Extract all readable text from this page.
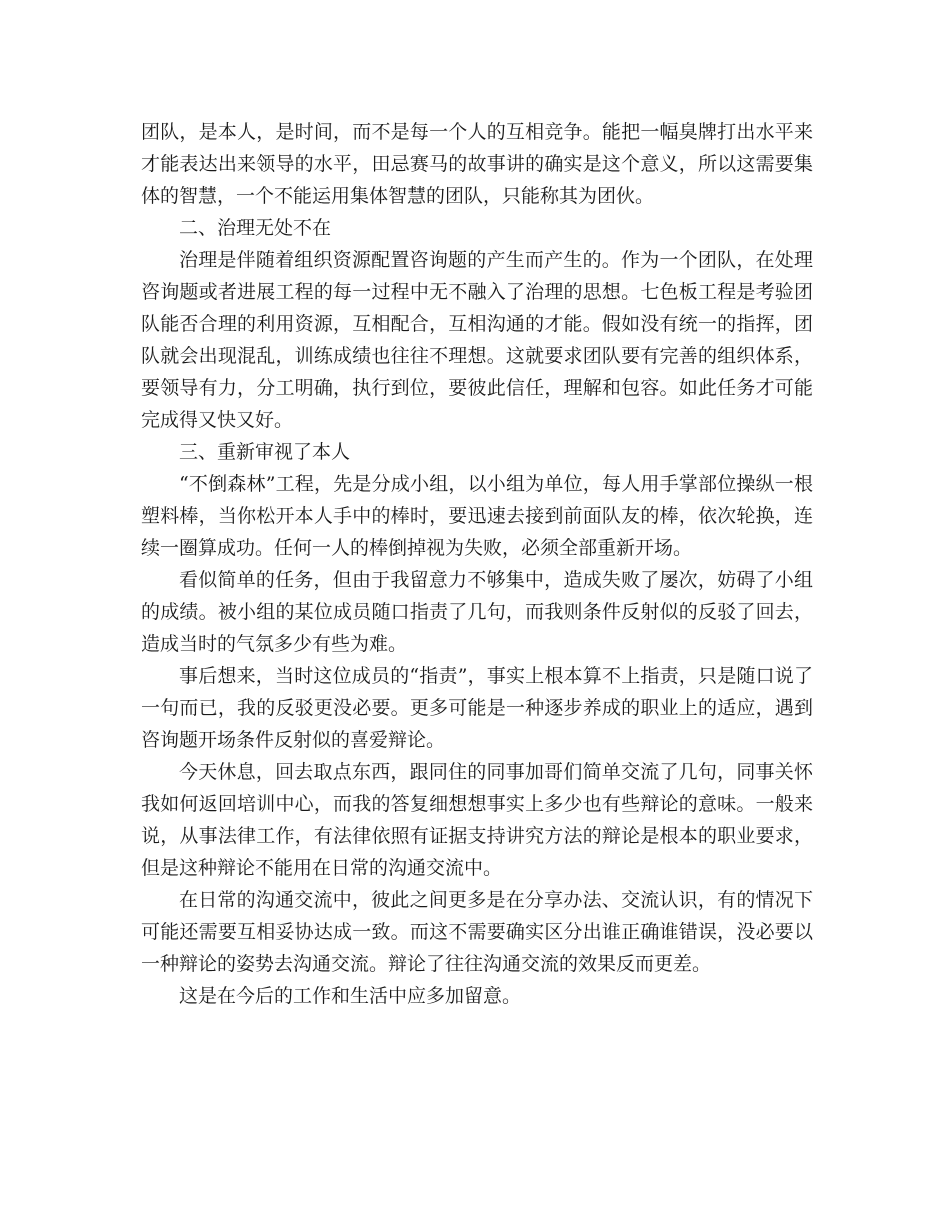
团队，是本人，是时间，而不是每一个人的互相竞争。能把一幅臭牌打出水平来才能表达出来领导的水平，田忌赛马的故事讲的确实是这个意义，所以这需要集体的智慧，一个不能运用集体智慧的团队，只能称其为团伙。

二、治理无处不在

治理是伴随着组织资源配置咨询题的产生而产生的。作为一个团队，在处理咨询题或者进展工程的每一过程中无不融入了治理的思想。七色板工程是考验团队能否合理的利用资源，互相配合，互相沟通的才能。假如没有统一的指挥，团队就会出现混乱，训练成绩也往往不理想。这就要求团队要有完善的组织体系，要领导有力，分工明确，执行到位，要彼此信任，理解和包容。如此任务才可能完成得又快又好。

三、重新审视了本人

“不倒森林”工程，先是分成小组，以小组为单位，每人用手掌部位操纵一根塑料棒，当你松开本人手中的棒时，要迅速去接到前面队友的棒，依次轮换，连续一圈算成功。任何一人的棒倒掉视为失败，必须全部重新开场。

看似简单的任务，但由于我留意力不够集中，造成失败了屡次，妨碍了小组的成绩。被小组的某位成员随口指责了几句，而我则条件反射似的反驳了回去，造成当时的气氛多少有些为难。

事后想来，当时这位成员的“指责”，事实上根本算不上指责，只是随口说了一句而已，我的反驳更没必要。更多可能是一种逐步养成的职业上的适应，遇到咨询题开场条件反射似的喜爱辩论。

今天休息，回去取点东西，跟同住的同事加哥们简单交流了几句，同事关怀我如何返回培训中心，而我的答复细想想事实上多少也有些辩论的意味。一般来说，从事法律工作，有法律依照有证据支持讲究方法的辩论是根本的职业要求，但是这种辩论不能用在日常的沟通交流中。

在日常的沟通交流中，彼此之间更多是在分享办法、交流认识，有的情况下可能还需要互相妥协达成一致。而这不需要确实区分出谁正确谁错误，没必要以一种辩论的姿势去沟通交流。辩论了往往沟通交流的效果反而更差。

这是在今后的工作和生活中应多加留意。
